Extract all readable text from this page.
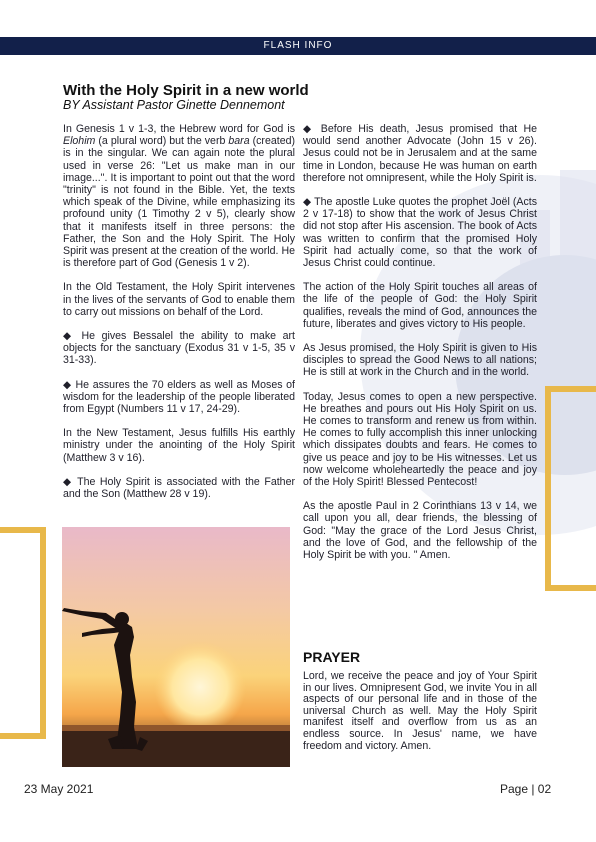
FLASH INFO
With the Holy Spirit in a new world
BY Assistant Pastor Ginette Dennemont

In Genesis 1 v 1-3, the Hebrew word for God is Elohim (a plural word) but the verb bara (created) is in the singular. We can again note the plural used in verse 26: "Let us make man in our image...". It is important to point out that the word "trinity" is not found in the Bible. Yet, the texts which speak of the Divine, while emphasizing its profound unity (1 Timothy 2 v 5), clearly show that it manifests itself in three persons: the Father, the Son and the Holy Spirit. The Holy Spirit was present at the creation of the world. He is therefore part of God (Genesis 1 v 2).

In the Old Testament, the Holy Spirit intervenes in the lives of the servants of God to enable them to carry out missions on behalf of the Lord.

◆ He gives Bessalel the ability to make art objects for the sanctuary (Exodus 31 v 1-5, 35 v 31-33).

◆ He assures the 70 elders as well as Moses of wisdom for the leadership of the people liberated from Egypt (Numbers 11 v 17, 24-29).

In the New Testament, Jesus fulfills His earthly ministry under the anointing of the Holy Spirit (Matthew 3 v 16).

◆ The Holy Spirit is associated with the Father and the Son (Matthew 28 v 19).

◆ Before His death, Jesus promised that He would send another Advocate (John 15 v 26). Jesus could not be in Jerusalem and at the same time in London, because He was human on earth therefore not omnipresent, while the Holy Spirit is.

◆ The apostle Luke quotes the prophet Joël (Acts 2 v 17-18) to show that the work of Jesus Christ did not stop after His ascension. The book of Acts was written to confirm that the promised Holy Spirit had actually come, so that the work of Jesus Christ could continue.

The action of the Holy Spirit touches all areas of the life of the people of God: the Holy Spirit qualifies, reveals the mind of God, announces the future, liberates and gives victory to His people.

As Jesus promised, the Holy Spirit is given to His disciples to spread the Good News to all nations; He is still at work in the Church and in the world.

Today, Jesus comes to open a new perspective. He breathes and pours out His Holy Spirit on us. He comes to transform and renew us from within. He comes to fully accomplish this inner unlocking which dissipates doubts and fears. He comes to give us peace and joy to be His witnesses. Let us now welcome wholeheartedly the peace and joy of the Holy Spirit! Blessed Pentecost!

As the apostle Paul in 2 Corinthians 13 v 14, we call upon you all, dear friends, the blessing of God: "May the grace of the Lord Jesus Christ, and the love of God, and the fellowship of the Holy Spirit be with you. " Amen.

PRAYER
Lord, we receive the peace and joy of Your Spirit in our lives. Omnipresent God, we invite You in all aspects of our personal life and in those of the universal Church as well. May the Holy Spirit manifest itself and overflow from us as an endless source. In Jesus' name, we have freedom and victory. Amen.
23 May 2021	Page | 02
